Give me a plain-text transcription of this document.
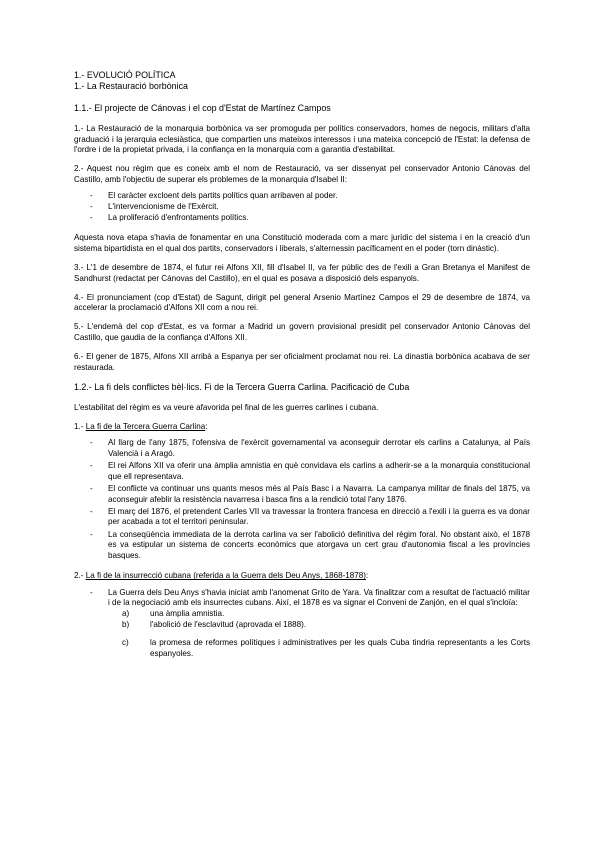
1.- EVOLUCIÓ POLÍTICA
1.- La Restauració borbònica
1.1.- El projecte de Cánovas i el cop d'Estat de Martínez Campos

1.- La Restauració de la monarquia borbònica va ser promoguda per polítics conservadors, homes de negocis, militars d'alta graduació i la jerarquia eclesiàstica, que compartien uns mateixos interessos i una mateixa concepció de l'Estat: la defensa de l'ordre i de la propietat privada, i la confiança en la monarquia com a garantia d'estabilitat.

2.- Aquest nou règim que es coneix amb el nom de Restauració, va ser dissenyat pel conservador Antonio Cánovas del Castillo, amb l'objectiu de superar els problemes de la monarquia d'Isabel II:

- El caràcter excloent dels partits polítics quan arribaven al poder.
- L'intervencionisme de l'Exèrcit.
- La proliferació d'enfrontaments polítics.

Aquesta nova etapa s'havia de fonamentar en una Constitució moderada com a marc jurídic del sistema i en la creació d'un sistema bipartidista en el qual dos partits, conservadors i liberals, s'alternessin pacíficament en el poder (torn dinàstic).

3.- L'1 de desembre de 1874, el futur rei Alfons XII, fill d'Isabel II, va fer públic des de l'exili a Gran Bretanya el Manifest de Sandhurst (redactat per Cánovas del Castillo), en el qual es posava a disposició dels espanyols.

4.- El pronunciament (cop d'Estat) de Sagunt, dirigit pel general Arsenio Martínez Campos el 29 de desembre de 1874, va accelerar la proclamació d'Alfons XII com a nou rei.

5.- L'endemà del cop d'Estat, es va formar a Madrid un govern provisional presidit pel conservador Antonio Cánovas del Castillo, que gaudia de la confiança d'Alfons XII.

6.- El gener de 1875, Alfons XII arribà a Espanya per ser oficialment proclamat nou rei. La dinastia borbònica acabava de ser restaurada.

1.2.- La fi dels conflictes bèl·lics. Fi de la Tercera Guerra Carlina. Pacificació de Cuba

L'estabilitat del règim es va veure afavorida pel final de les guerres carlines i cubana.

1.- La fi de la Tercera Guerra Carlina:
- Al llarg de l'any 1875, l'ofensiva de l'exèrcit governamental va aconseguir derrotar els carlins a Catalunya, al País Valencià i a Aragó.
- El rei Alfons XII va oferir una àmplia amnistia en què convidava els carlins a adherir-se a la monarquia constitucional que ell representava.
- El conflicte va continuar uns quants mesos més al País Basc i a Navarra. La campanya militar de finals del 1875, va aconseguir afeblir la resistència navarresa i basca fins a la rendició total l'any 1876.
- El març del 1876, el pretendent Carles VII va travessar la frontera francesa en direcció a l'exili i la guerra es va donar per acabada a tot el territori peninsular.
- La conseqüència immediata de la derrota carlina va ser l'abolició definitiva del règim foral. No obstant això, el 1878 es va estipular un sistema de concerts econòmics que atorgava un cert grau d'autonomia fiscal a les províncies basques.
2.- La fi de la insurrecció cubana (referida a la Guerra dels Deu Anys, 1868-1878):
- La Guerra dels Deu Anys s'havia iniciat amb l'anomenat Grito de Yara. Va finalitzar com a resultat de l'actuació militar i de la negociació amb els insurrectes cubans. Així, el 1878 es va signar el Conveni de Zanjón, en el qual s'incloïa:
a)	una àmplia amnistia.
b)	l'abolició de l'esclavitud (aprovada el 1888).
c)	la promesa de reformes polítiques i administratives per les quals Cuba tindria representants a les Corts espanyoles.
